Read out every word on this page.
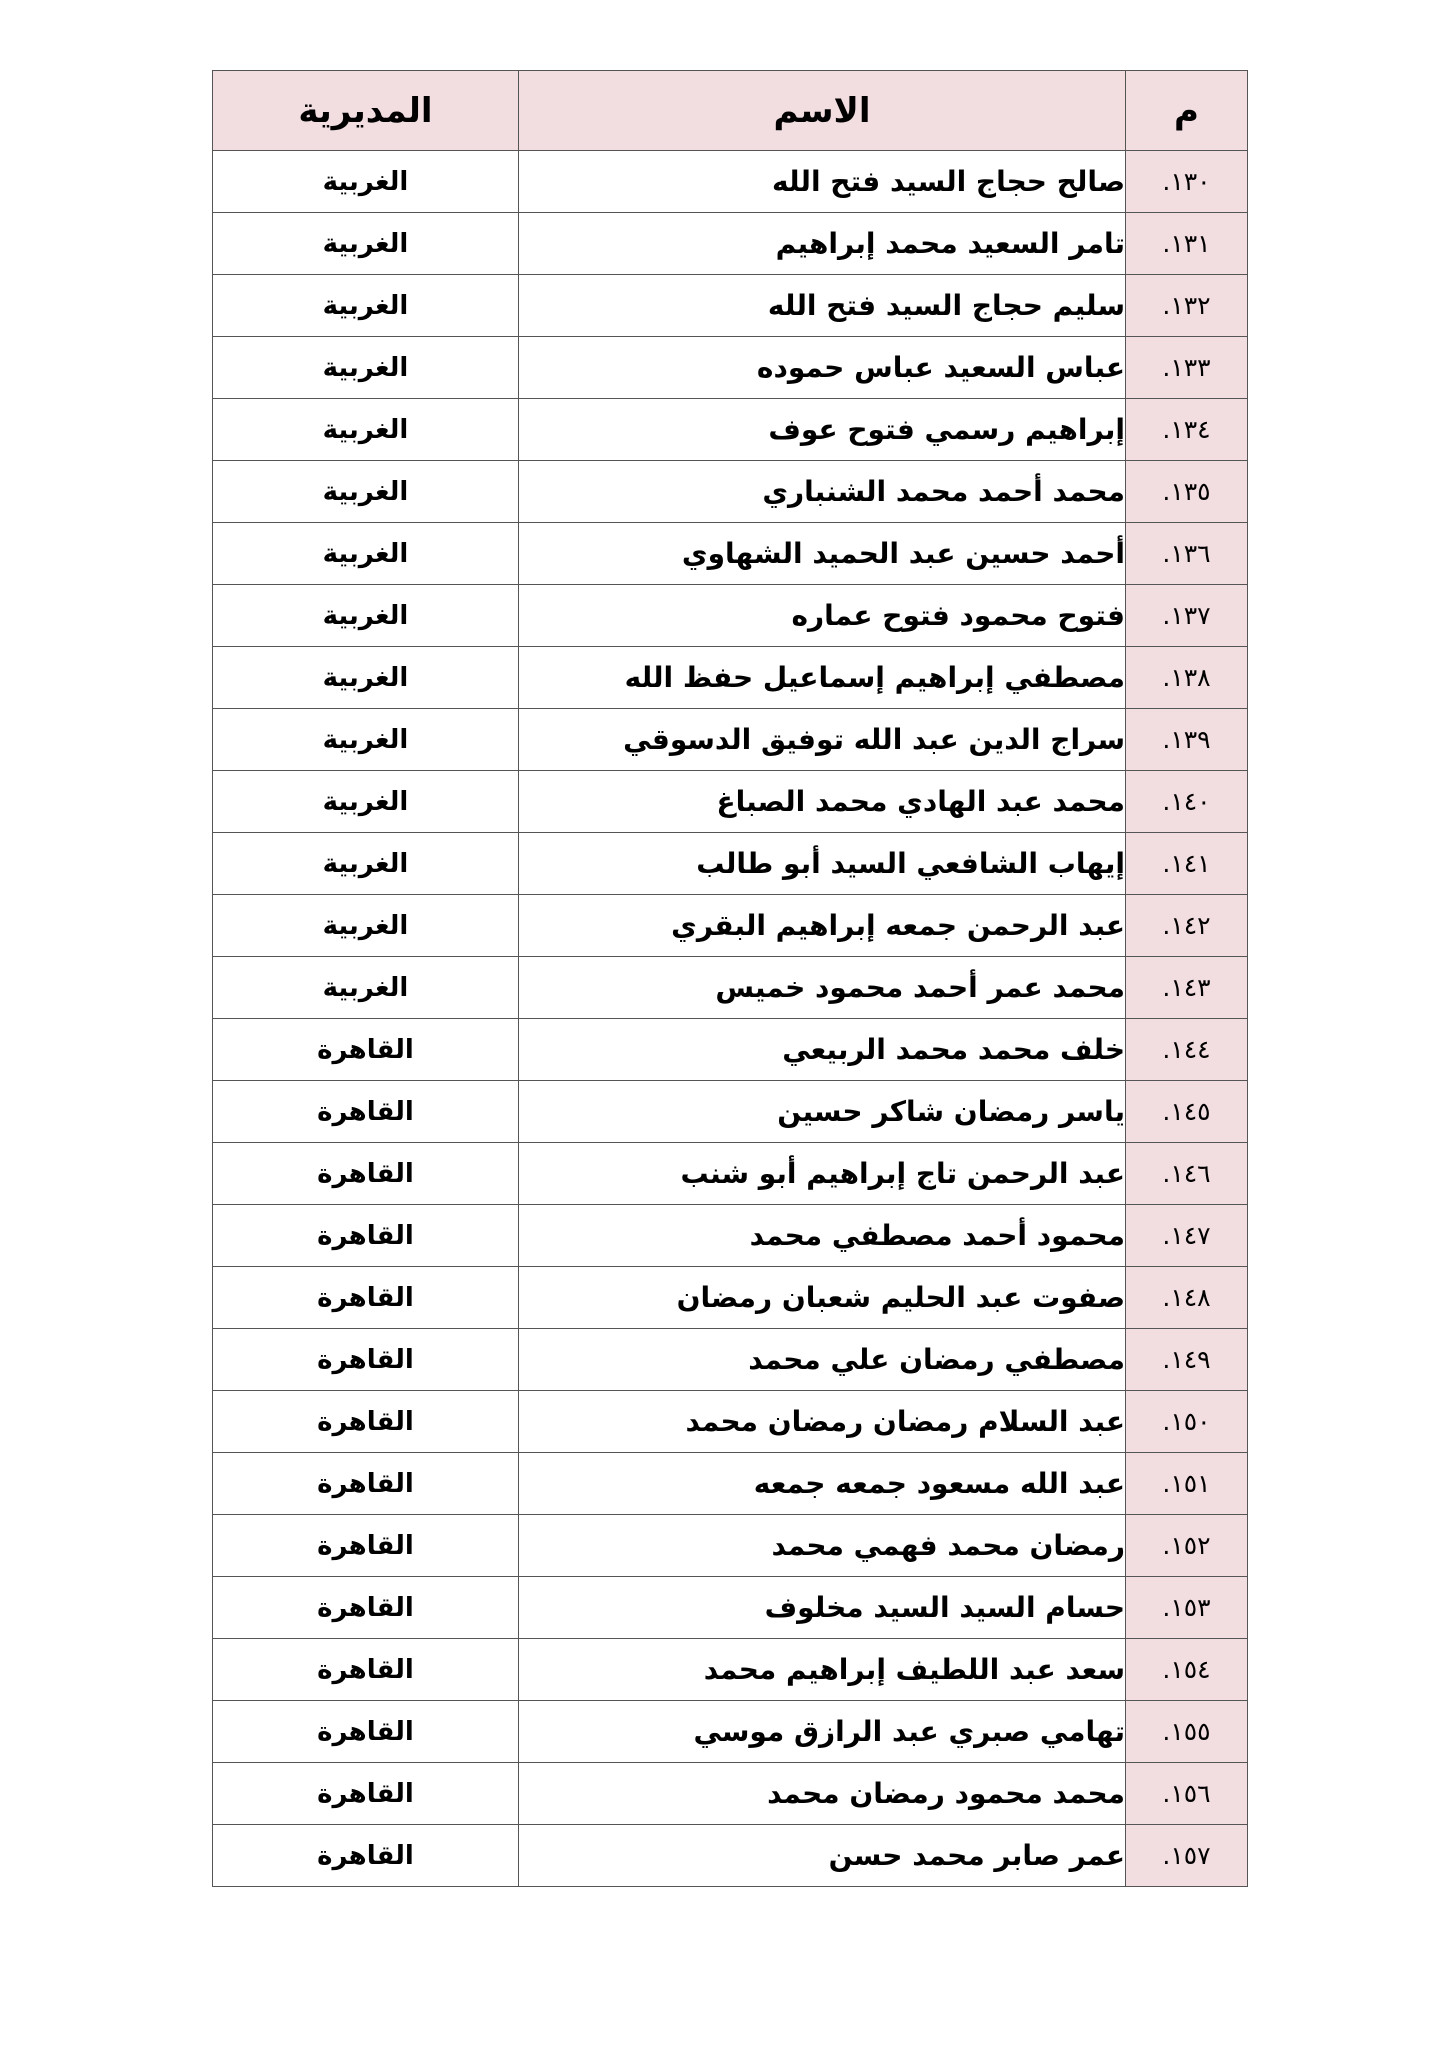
م	الاسم	المديرية
١٣٠.	صالح حجاج السيد فتح الله	الغربية
١٣١.	تامر السعيد محمد إبراهيم	الغربية
١٣٢.	سليم حجاج السيد فتح الله	الغربية
١٣٣.	عباس السعيد عباس حموده	الغربية
١٣٤.	إبراهيم رسمي فتوح عوف	الغربية
١٣٥.	محمد أحمد محمد الشنباري	الغربية
١٣٦.	أحمد حسين عبد الحميد الشهاوي	الغربية
١٣٧.	فتوح محمود فتوح عماره	الغربية
١٣٨.	مصطفي إبراهيم إسماعيل حفظ الله	الغربية
١٣٩.	سراج الدين عبد الله توفيق الدسوقي	الغربية
١٤٠.	محمد عبد الهادي محمد الصباغ	الغربية
١٤١.	إيهاب الشافعي السيد أبو طالب	الغربية
١٤٢.	عبد الرحمن جمعه إبراهيم البقري	الغربية
١٤٣.	محمد عمر أحمد محمود خميس	الغربية
١٤٤.	خلف محمد محمد الربيعي	القاهرة
١٤٥.	ياسر رمضان شاكر حسين	القاهرة
١٤٦.	عبد الرحمن تاج إبراهيم أبو شنب	القاهرة
١٤٧.	محمود أحمد مصطفي محمد	القاهرة
١٤٨.	صفوت عبد الحليم شعبان رمضان	القاهرة
١٤٩.	مصطفي رمضان علي محمد	القاهرة
١٥٠.	عبد السلام رمضان رمضان محمد	القاهرة
١٥١.	عبد الله مسعود جمعه جمعه	القاهرة
١٥٢.	رمضان محمد فهمي محمد	القاهرة
١٥٣.	حسام السيد السيد مخلوف	القاهرة
١٥٤.	سعد عبد اللطيف إبراهيم محمد	القاهرة
١٥٥.	تهامي صبري عبد الرازق موسي	القاهرة
١٥٦.	محمد محمود رمضان محمد	القاهرة
١٥٧.	عمر صابر محمد حسن	القاهرة
